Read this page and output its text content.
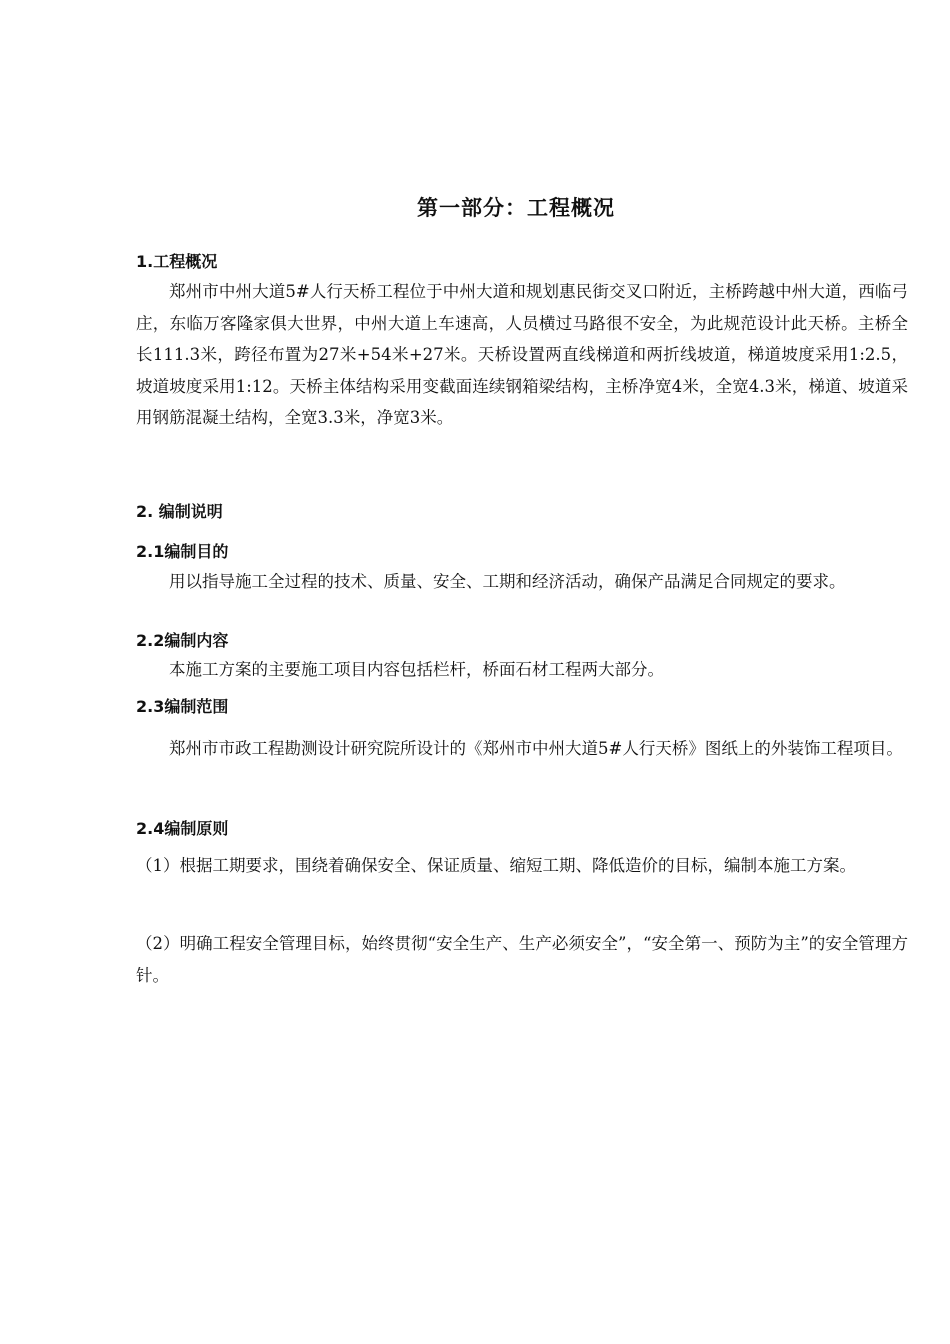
第一部分：工程概况
1.工程概况
郑州市中州大道5#人行天桥工程位于中州大道和规划惠民街交叉口附近，主桥跨越中州大道，西临弓庄，东临万客隆家俱大世界，中州大道上车速高，人员横过马路很不安全，为此规范设计此天桥。主桥全长111.3米，跨径布置为27米+54米+27米。天桥设置两直线梯道和两折线坡道，梯道坡度采用1:2.5，坡道坡度采用1:12。天桥主体结构采用变截面连续钢箱梁结构，主桥净宽4米，全宽4.3米，梯道、坡道采用钢筋混凝土结构，全宽3.3米，净宽3米。
2. 编制说明
2.1编制目的
用以指导施工全过程的技术、质量、安全、工期和经济活动，确保产品满足合同规定的要求。
2.2编制内容
本施工方案的主要施工项目内容包括栏杆，桥面石材工程两大部分。
2.3编制范围
郑州市市政工程勘测设计研究院所设计的《郑州市中州大道5#人行天桥》图纸上的外装饰工程项目。
2.4编制原则
（1）根据工期要求，围绕着确保安全、保证质量、缩短工期、降低造价的目标，编制本施工方案。
（2）明确工程安全管理目标，始终贯彻“安全生产、生产必须安全”，“安全第一、预防为主”的安全管理方针。
